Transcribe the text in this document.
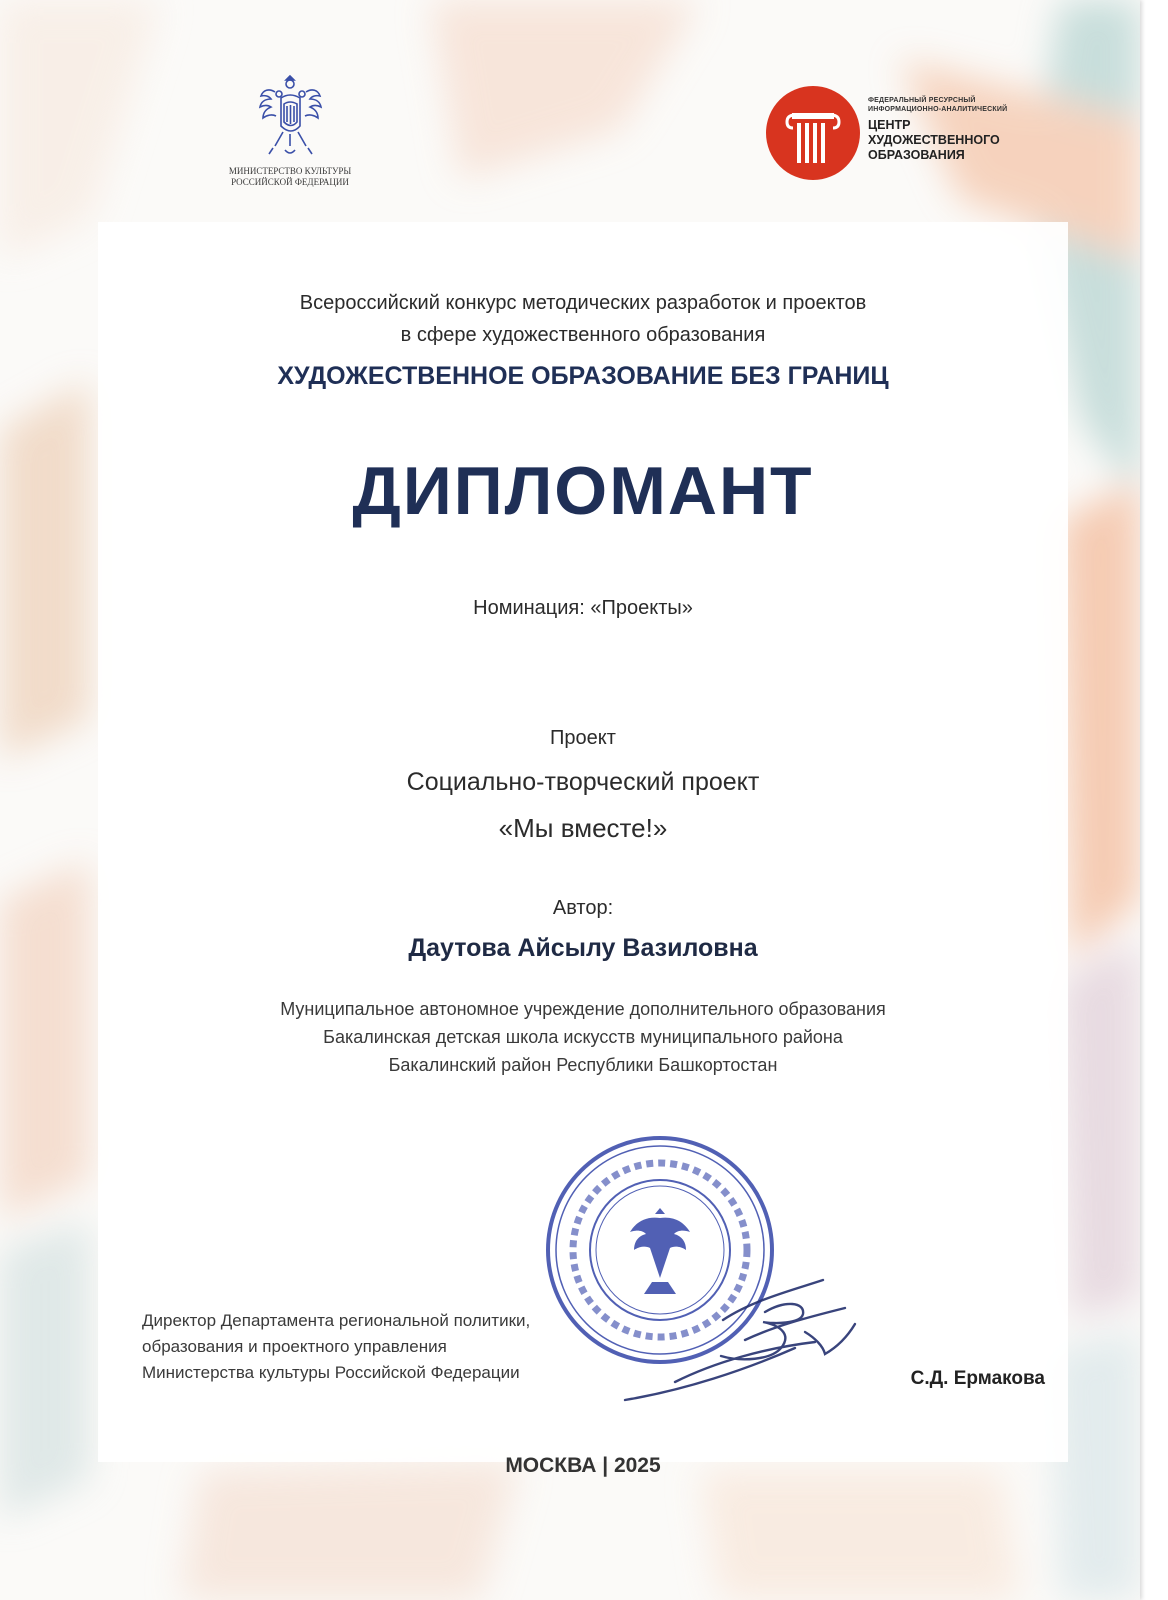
МИНИСТЕРСТВО КУЛЬТУРЫ
РОССИЙСКОЙ ФЕДЕРАЦИИ
ФЕДЕРАЛЬНЫЙ РЕСУРСНЫЙ
ИНФОРМАЦИОННО-АНАЛИТИЧЕСКИЙ
ЦЕНТР
ХУДОЖЕСТВЕННОГО
ОБРАЗОВАНИЯ
Всероссийский конкурс методических разработок и проектов
в сфере художественного образования
ХУДОЖЕСТВЕННОЕ ОБРАЗОВАНИЕ БЕЗ ГРАНИЦ
ДИПЛОМАНТ
Номинация: «Проекты»
Проект
Социально-творческий проект
«Мы вместе!»
Автор:
Даутова Айсылу Вазиловна
Муниципальное автономное учреждение дополнительного образования
Бакалинская детская школа искусств муниципального района
Бакалинский район Республики Башкортостан
Директор Департамента региональной политики,
образования и проектного управления
Министерства культуры Российской Федерации	С.Д. Ермакова
МОСКВА | 2025
